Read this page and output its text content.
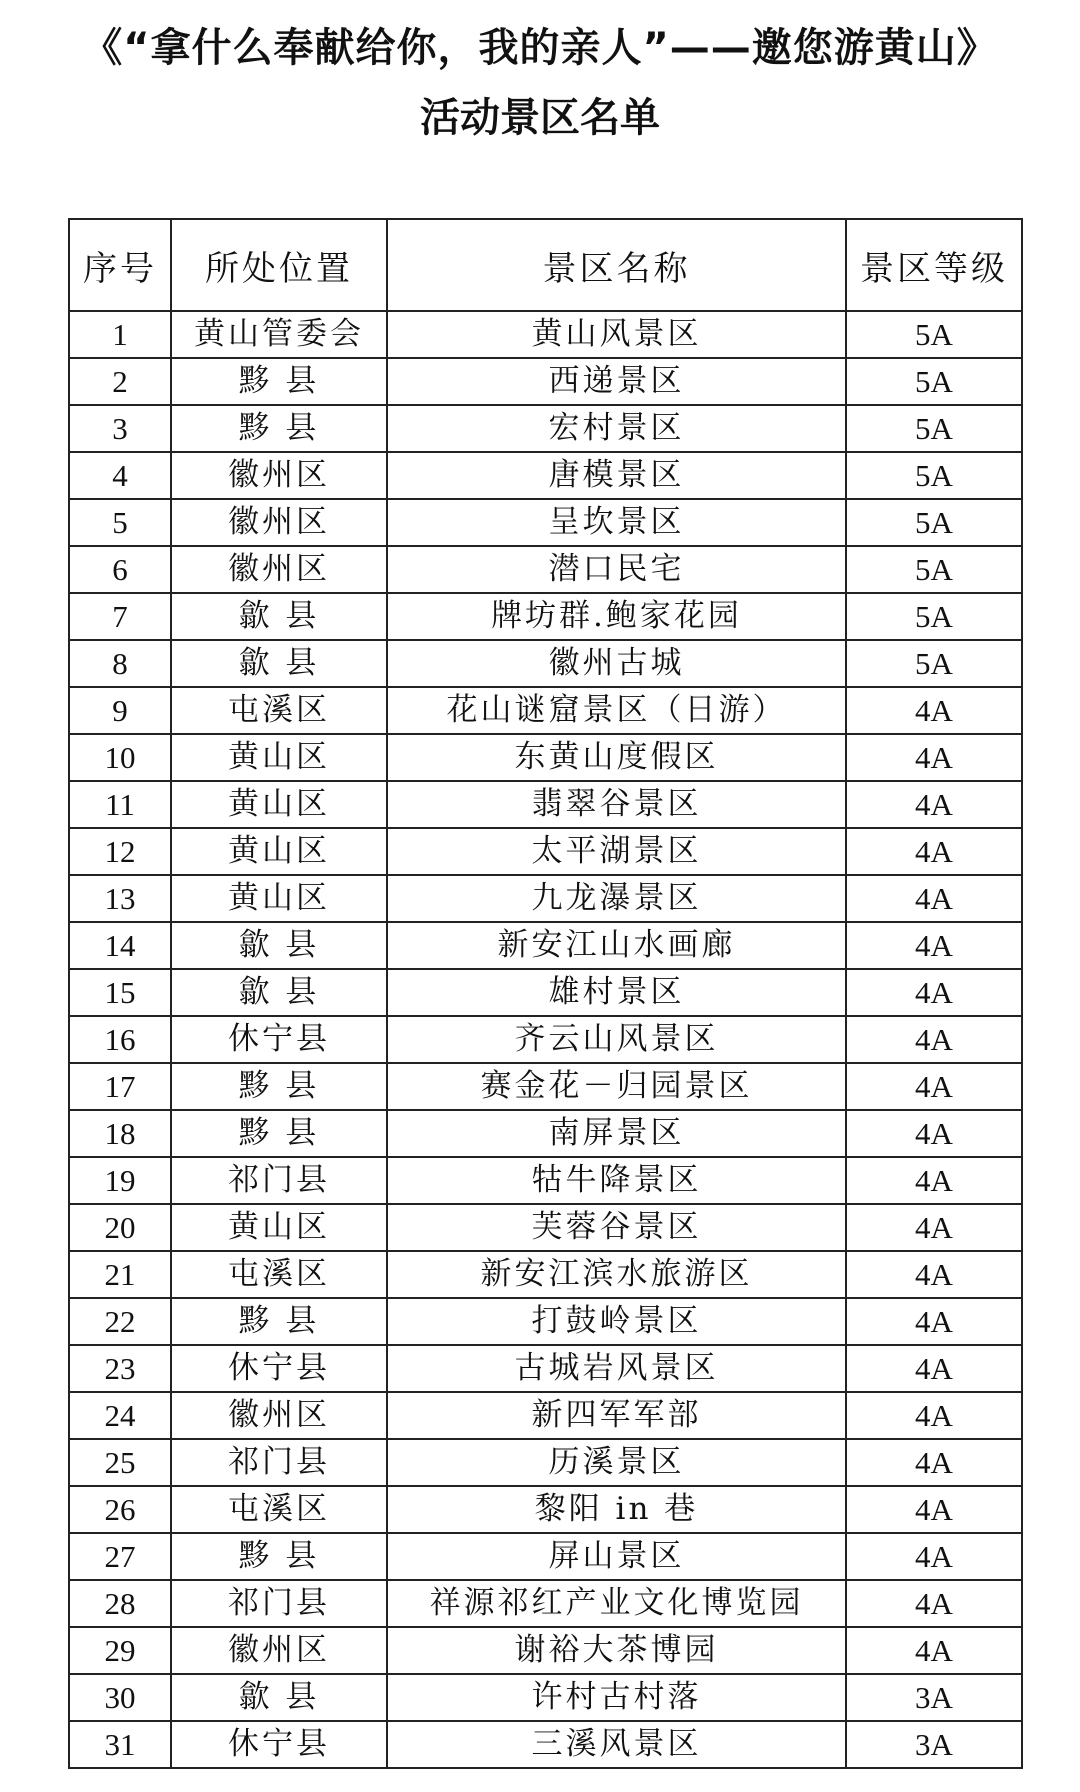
《“拿什么奉献给你，我的亲人”——邀您游黄山》
活动景区名单
序号	所处位置	景区名称	景区等级
1	黄山管委会	黄山风景区	5A
2	黟 县	西递景区	5A
3	黟 县	宏村景区	5A
4	徽州区	唐模景区	5A
5	徽州区	呈坎景区	5A
6	徽州区	潜口民宅	5A
7	歙 县	牌坊群.鲍家花园	5A
8	歙 县	徽州古城	5A
9	屯溪区	花山谜窟景区（日游）	4A
10	黄山区	东黄山度假区	4A
11	黄山区	翡翠谷景区	4A
12	黄山区	太平湖景区	4A
13	黄山区	九龙瀑景区	4A
14	歙 县	新安江山水画廊	4A
15	歙 县	雄村景区	4A
16	休宁县	齐云山风景区	4A
17	黟 县	赛金花－归园景区	4A
18	黟 县	南屏景区	4A
19	祁门县	牯牛降景区	4A
20	黄山区	芙蓉谷景区	4A
21	屯溪区	新安江滨水旅游区	4A
22	黟 县	打鼓岭景区	4A
23	休宁县	古城岩风景区	4A
24	徽州区	新四军军部	4A
25	祁门县	历溪景区	4A
26	屯溪区	黎阳 in 巷	4A
27	黟 县	屏山景区	4A
28	祁门县	祥源祁红产业文化博览园	4A
29	徽州区	谢裕大茶博园	4A
30	歙 县	许村古村落	3A
31	休宁县	三溪风景区	3A
